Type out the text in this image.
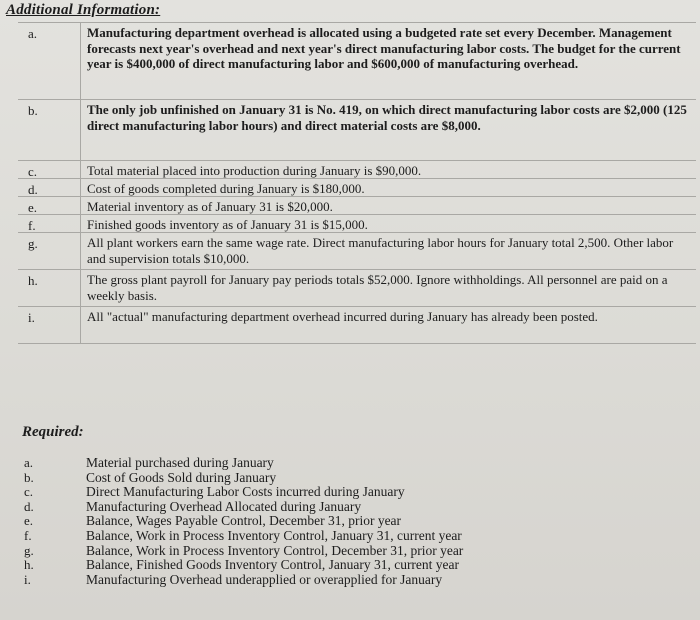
Additional Information:
a.	Manufacturing department overhead is allocated using a budgeted rate set every December. Management forecasts next year's overhead and next year's direct manufacturing labor costs. The budget for the current year is $400,000 of direct manufacturing labor and $600,000 of manufacturing overhead.
b.	The only job unfinished on January 31 is No. 419, on which direct manufacturing labor costs are $2,000 (125 direct manufacturing labor hours) and direct material costs are $8,000.
c.	Total material placed into production during January is $90,000.
d.	Cost of goods completed during January is $180,000.
e.	Material inventory as of January 31 is $20,000.
f.	Finished goods inventory as of January 31 is $15,000.
g.	All plant workers earn the same wage rate. Direct manufacturing labor hours for January total 2,500. Other labor and supervision totals $10,000.
h.	The gross plant payroll for January pay periods totals $52,000. Ignore withholdings. All personnel are paid on a weekly basis.
i.	All "actual" manufacturing department overhead incurred during January has already been posted.
Required:
a.	Material purchased during January
b.	Cost of Goods Sold during January
c.	Direct Manufacturing Labor Costs incurred during January
d.	Manufacturing Overhead Allocated during January
e.	Balance, Wages Payable Control, December 31, prior year
f.	Balance, Work in Process Inventory Control, January 31, current year
g.	Balance, Work in Process Inventory Control, December 31, prior year
h.	Balance, Finished Goods Inventory Control, January 31, current year
i.	Manufacturing Overhead underapplied or overapplied for January
